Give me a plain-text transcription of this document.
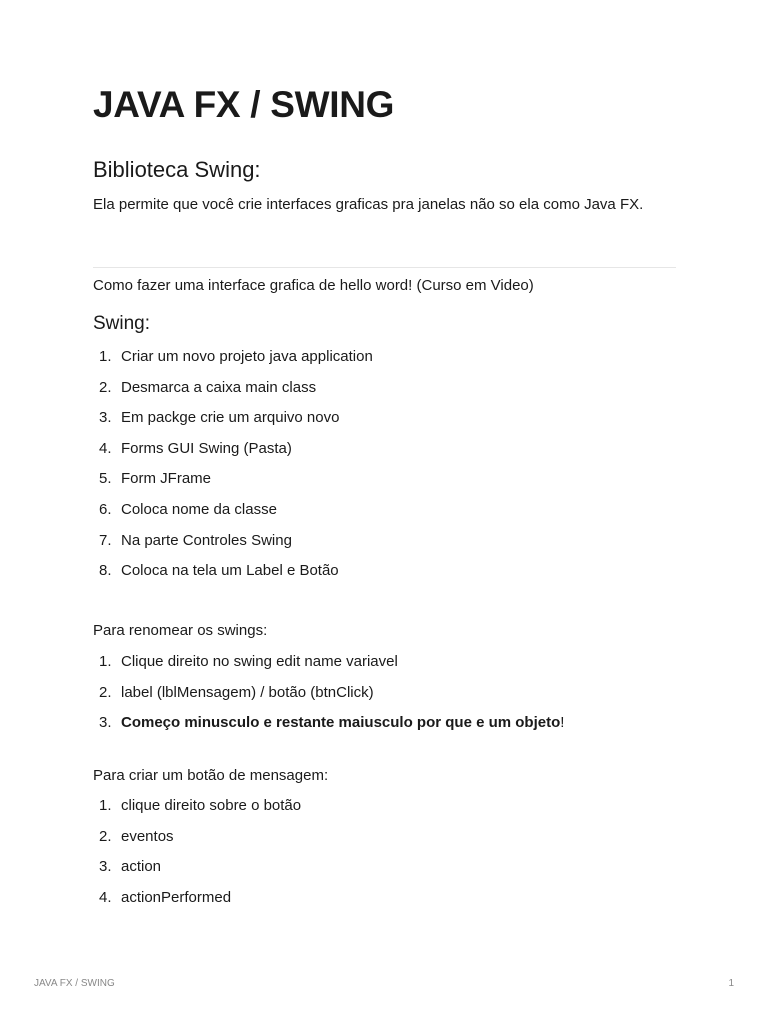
JAVA FX / SWING
Biblioteca Swing:

Ela permite que você crie interfaces graficas pra janelas não so ela como Java FX.

Como fazer uma interface grafica de hello word! (Curso em Video)

Swing:
1. Criar um novo projeto java application
2. Desmarca a caixa main class
3. Em packge crie um arquivo novo
4. Forms GUI Swing (Pasta)
5. Form JFrame
6. Coloca nome da classe
7. Na parte Controles Swing
8. Coloca na tela um Label e Botão

Para renomear os swings:

1. Clique direito no swing edit name variavel
2. label (lblMensagem) / botão (btnClick)
3. Começo minusculo e restante maiusculo por que e um objeto!

Para criar um botão de mensagem:

1. clique direito sobre o botão
2. eventos
3. action
4. actionPerformed
JAVA FX / SWING	1
